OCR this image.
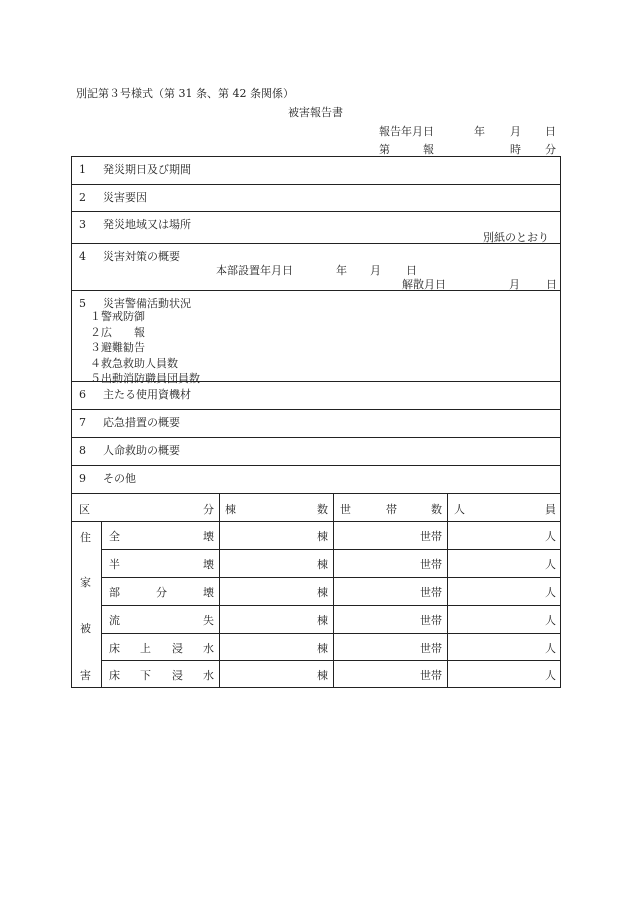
別記第３号様式（第 31 条、第 42 条関係）
被害報告書
報告年月日	年 月 日
第	報	時 分
1 発災期日及び期間
2 災害要因
3 発災地域又は場所
別紙のとおり
4 災害対策の概要
本部設置年月日	年 月 日
解散月日	月 日
5 災害警備活動状況
１警戒防御
２広　　報
３避難勧告
４救急救助人員数
５出動消防職員団員数
6 主たる使用資機材
7 応急措置の概要
8 人命救助の概要
9 その他
区	分 棟	数 世	帯	数 人	員
住
家
被
害
全	壊	棟	世帯	人
半	壊	棟	世帯	人
部	分	壊	棟	世帯	人
流	失	棟	世帯	人
床 上 浸 水	棟	世帯	人
床 下 浸 水	棟	世帯	人
